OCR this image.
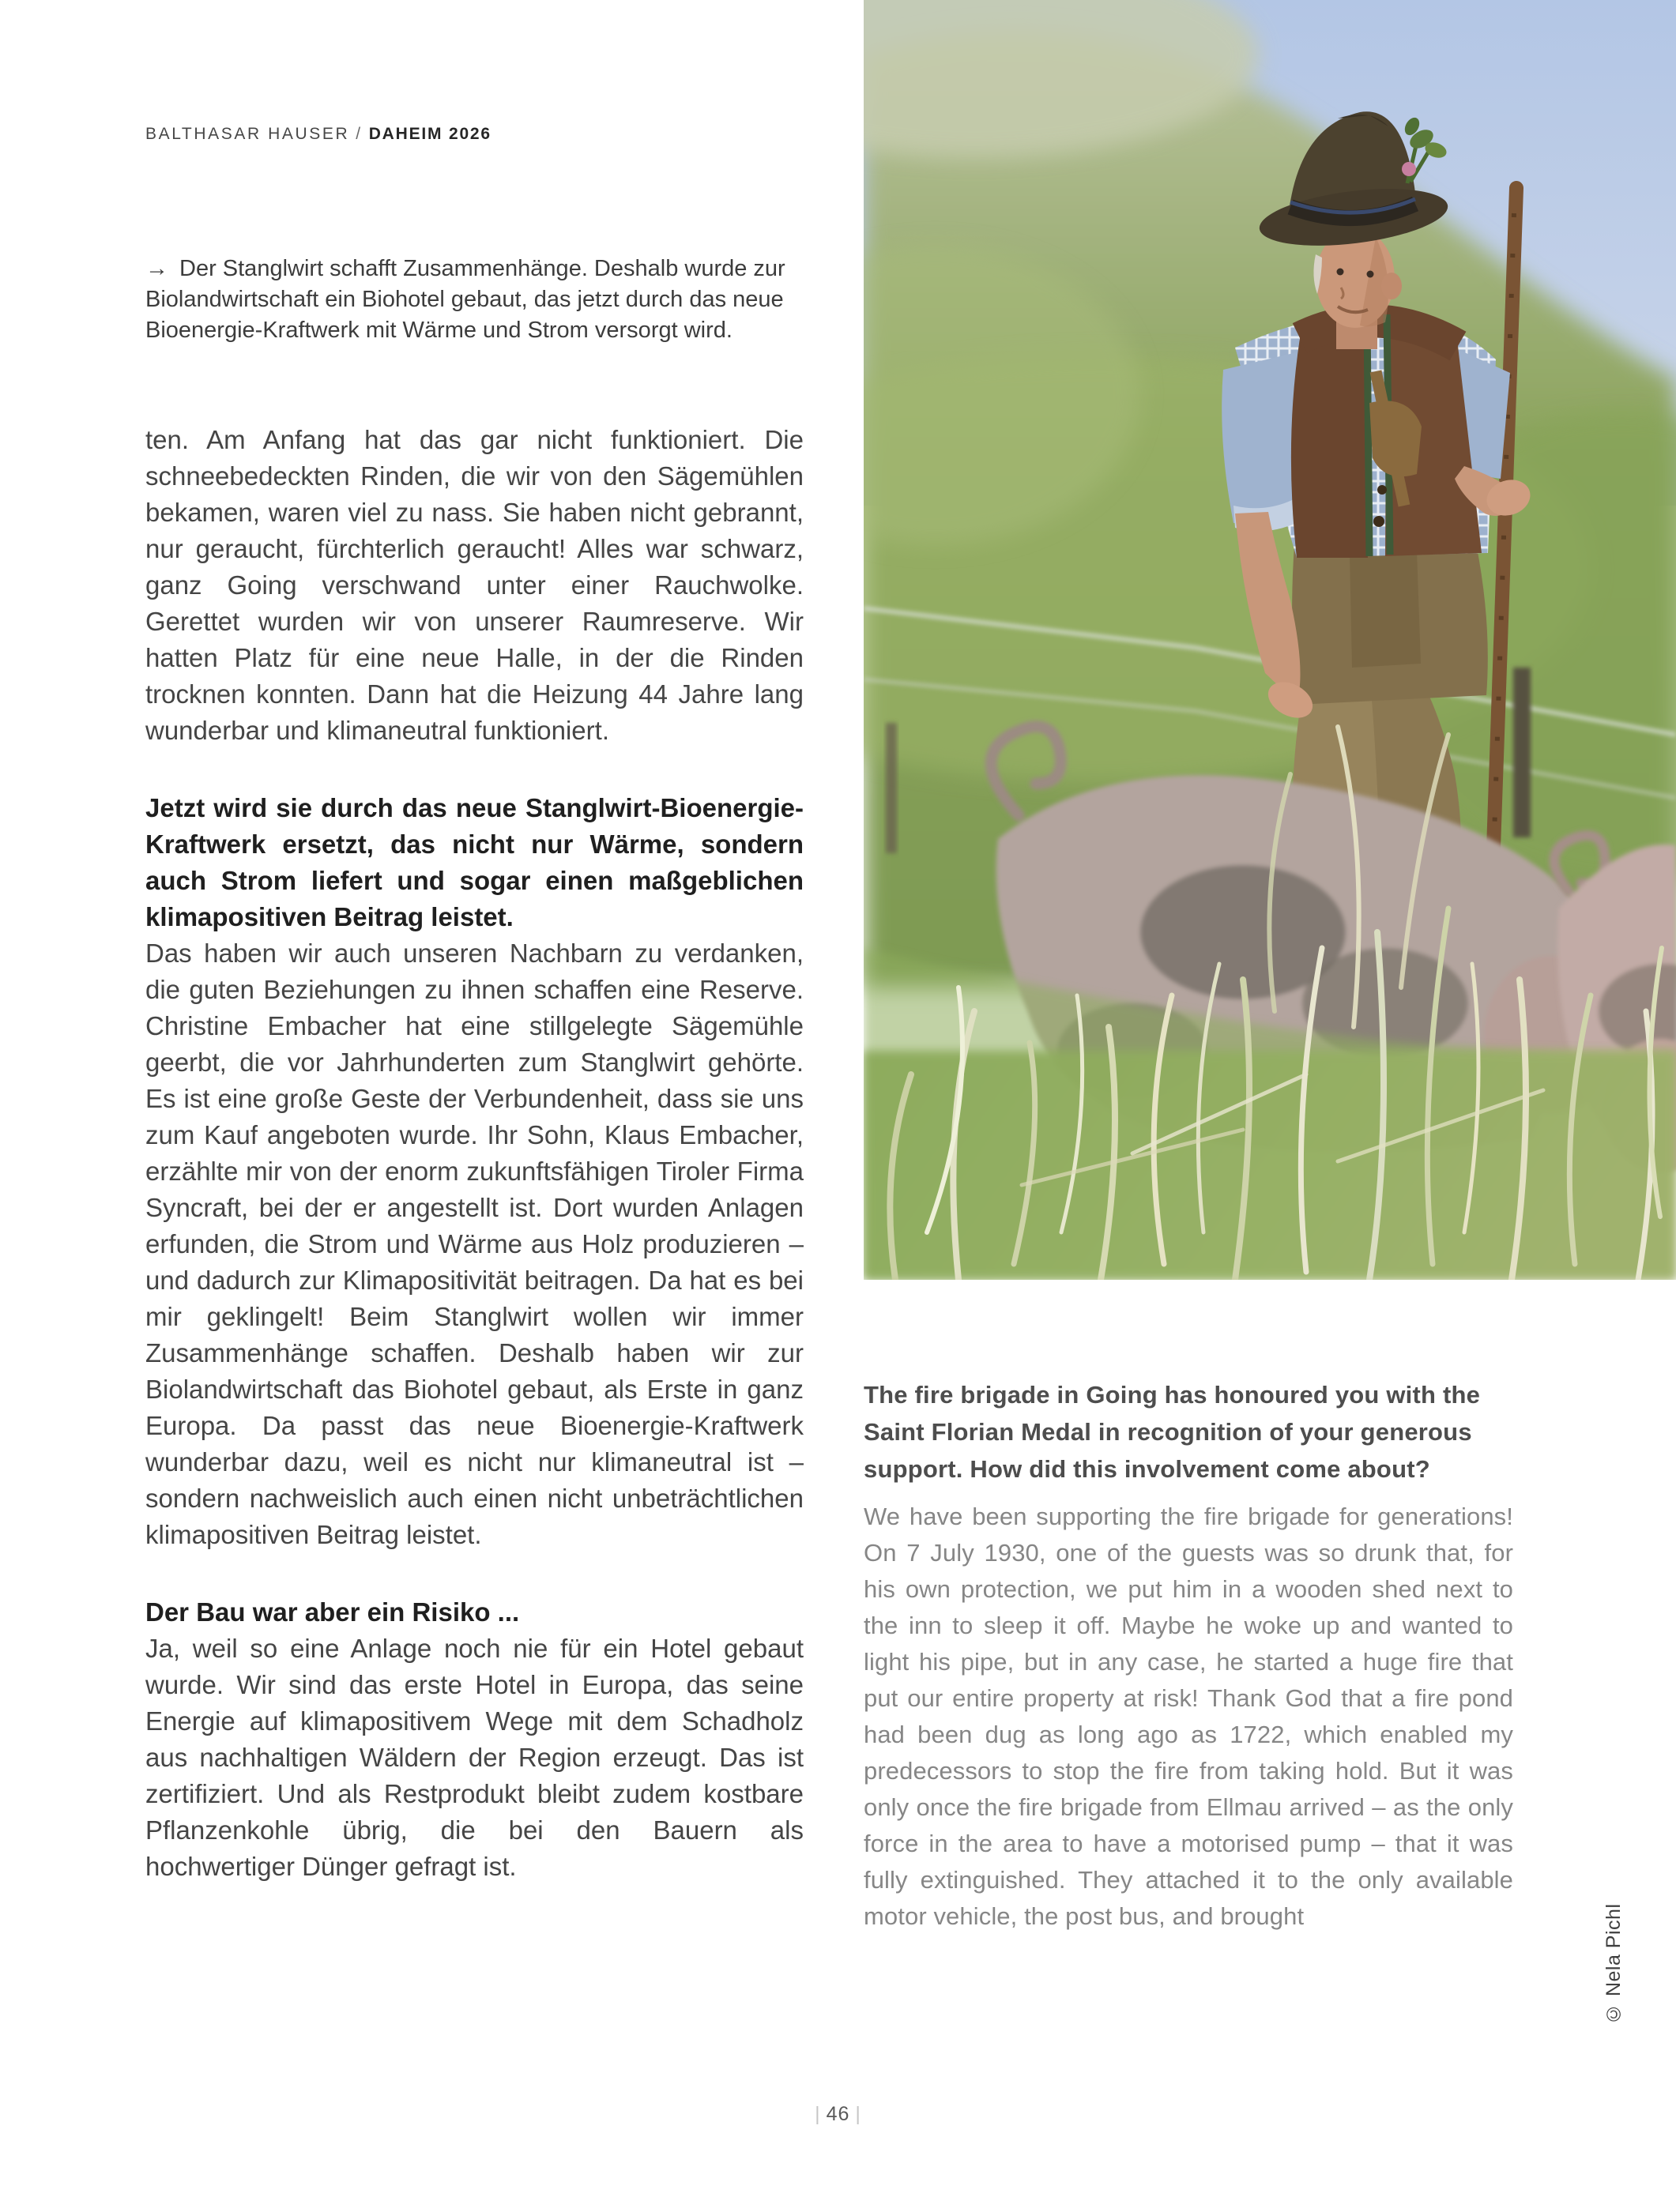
BALTHASAR HAUSER / DAHEIM 2026

→ Der Stanglwirt schafft Zusammenhänge. Deshalb wurde zur Biolandwirtschaft ein Biohotel gebaut, das jetzt durch das neue Bioenergie-Kraftwerk mit Wärme und Strom versorgt wird.

ten. Am Anfang hat das gar nicht funktioniert. Die schneebedeckten Rinden, die wir von den Sägemühlen bekamen, waren viel zu nass. Sie haben nicht gebrannt, nur geraucht, fürchterlich geraucht! Alles war schwarz, ganz Going verschwand unter einer Rauchwolke. Gerettet wurden wir von unserer Raumreserve. Wir hatten Platz für eine neue Halle, in der die Rinden trocknen konnten. Dann hat die Heizung 44 Jahre lang wunderbar und klimaneutral funktioniert.

Jetzt wird sie durch das neue Stanglwirt-Bioenergie-Kraftwerk ersetzt, das nicht nur Wärme, sondern auch Strom liefert und sogar einen maßgeblichen klimapositiven Beitrag leistet.

Das haben wir auch unseren Nachbarn zu verdanken, die guten Beziehungen zu ihnen schaffen eine Reserve. Christine Embacher hat eine stillgelegte Sägemühle geerbt, die vor Jahrhunderten zum Stanglwirt gehörte. Es ist eine große Geste der Verbundenheit, dass sie uns zum Kauf angeboten wurde. Ihr Sohn, Klaus Embacher, erzählte mir von der enorm zukunftsfähigen Tiroler Firma Syncraft, bei der er angestellt ist. Dort wurden Anlagen erfunden, die Strom und Wärme aus Holz produzieren – und dadurch zur Klimapositivität beitragen. Da hat es bei mir geklingelt! Beim Stanglwirt wollen wir immer Zusammenhänge schaffen. Deshalb haben wir zur Biolandwirtschaft das Biohotel gebaut, als Erste in ganz Europa. Da passt das neue Bioenergie-Kraftwerk wunderbar dazu, weil es nicht nur klimaneutral ist – sondern nachweislich auch einen nicht unbeträchtlichen klimapositiven Beitrag leistet.

Der Bau war aber ein Risiko ...

Ja, weil so eine Anlage noch nie für ein Hotel gebaut wurde. Wir sind das erste Hotel in Europa, das seine Energie auf klimapositivem Wege mit dem Schadholz aus nachhaltigen Wäldern der Region erzeugt. Das ist zertifiziert. Und als Restprodukt bleibt zudem kostbare Pflanzenkohle übrig, die bei den Bauern als hochwertiger Dünger gefragt ist.

The fire brigade in Going has honoured you with the Saint Florian Medal in recognition of your generous support. How did this involvement come about?

We have been supporting the fire brigade for generations! On 7 July 1930, one of the guests was so drunk that, for his own protection, we put him in a wooden shed next to the inn to sleep it off. Maybe he woke up and wanted to light his pipe, but in any case, he started a huge fire that put our entire property at risk! Thank God that a fire pond had been dug as long ago as 1722, which enabled my predecessors to stop the fire from taking hold. But it was only once the fire brigade from Ellmau arrived – as the only force in the area to have a motorised pump – that it was fully extinguished. They attached it to the only available motor vehicle, the post bus, and brought

| 46 |
© Nela Pichl
